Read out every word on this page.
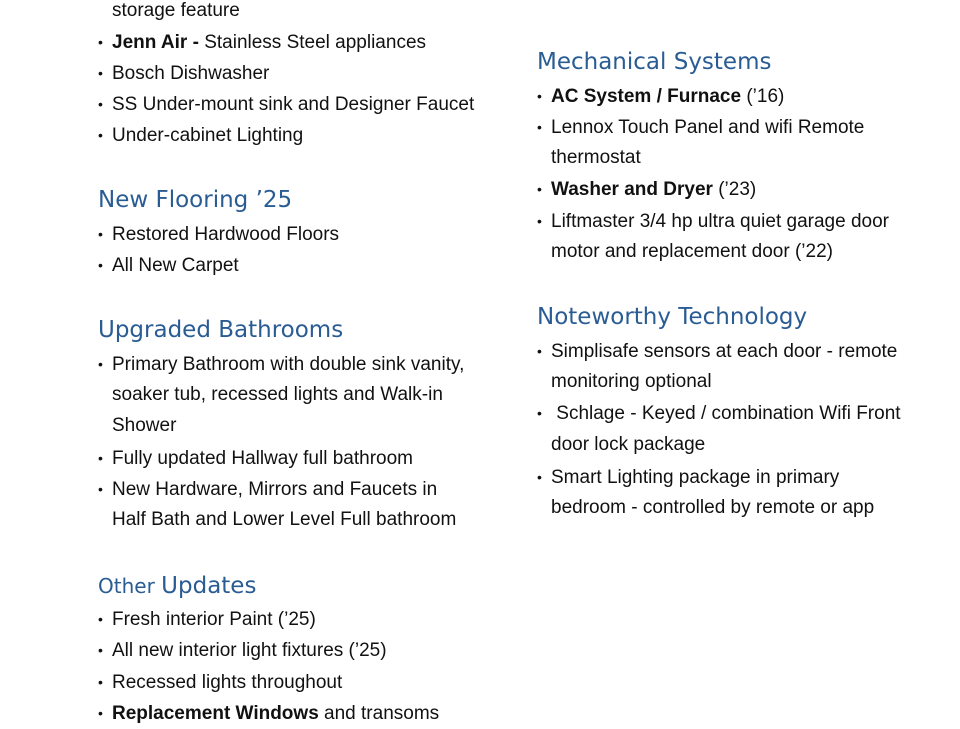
storage feature
• Jenn Air - Stainless Steel appliances
• Bosch Dishwasher
• SS Under-mount sink and Designer Faucet
• Under-cabinet Lighting
New Flooring ’25
• Restored Hardwood Floors
• All New Carpet
Upgraded Bathrooms
• Primary Bathroom with double sink vanity,
soaker tub, recessed lights and Walk-in
Shower
• Fully updated Hallway full bathroom
• New Hardware, Mirrors and Faucets in
Half Bath and Lower Level Full bathroom
Other Updates
• Fresh interior Paint (’25)
• All new interior light fixtures (’25)
• Recessed lights throughout
• Replacement Windows and transoms
Mechanical Systems
• AC System / Furnace (’16)
• Lennox Touch Panel and wifi Remote
thermostat
• Washer and Dryer (’23)
• Liftmaster 3/4 hp ultra quiet garage door
motor and replacement door (’22)
Noteworthy Technology
• Simplisafe sensors at each door - remote
monitoring optional
• Schlage - Keyed / combination Wifi Front
door lock package
• Smart Lighting package in primary
bedroom - controlled by remote or app
